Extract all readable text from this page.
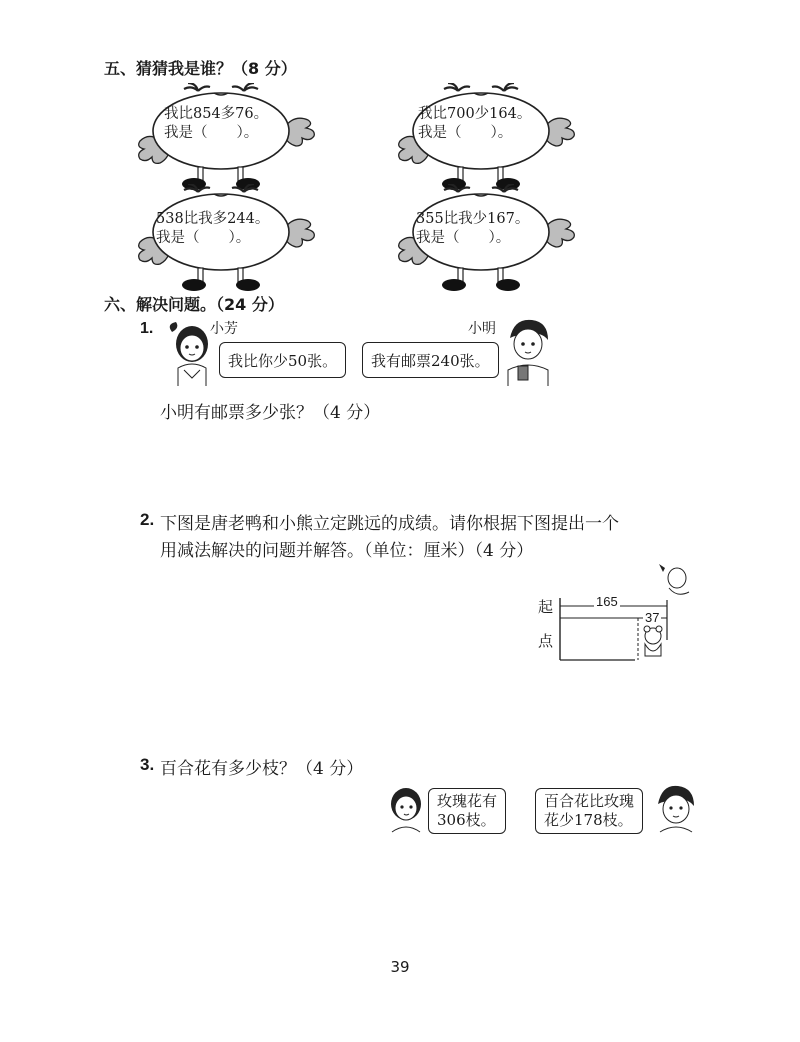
五、猜猜我是谁？（8 分）
我比854多76。
我是（　　）。
我比700少164。
我是（　　）。
538比我多244。
我是（　　）。
355比我少167。
我是（　　）。
六、解决问题。（24 分）
1.	小芳
我比你少50张。 我有邮票240张。
小明
小明有邮票多少张？（4 分）
2. 下图是唐老鸭和小熊立定跳远的成绩。请你根据下图提出一个
用减法解决的问题并解答。（单位：厘米）（4 分）
起
点
165
37
3. 百合花有多少枝？（4 分）
玫瑰花有
306枝。
百合花比玫瑰
花少178枝。
39
